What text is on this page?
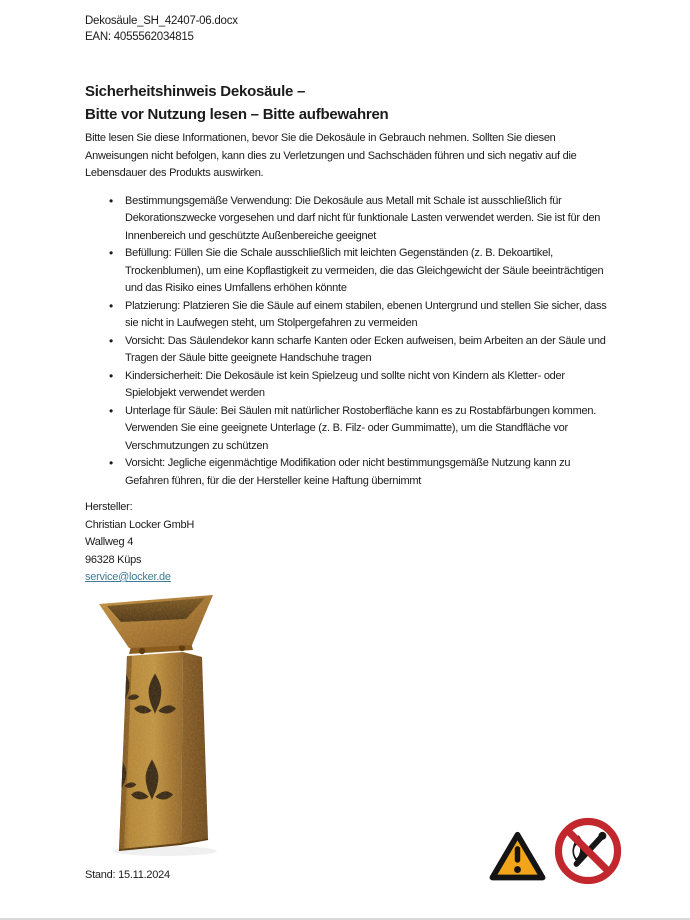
Dekosäule_SH_42407-06.docx
EAN: 4055562034815
Sicherheitshinweis Dekosäule –
Bitte vor Nutzung lesen – Bitte aufbewahren
Bitte lesen Sie diese Informationen, bevor Sie die Dekosäule in Gebrauch nehmen. Sollten Sie diesen Anweisungen nicht befolgen, kann dies zu Verletzungen und Sachschäden führen und sich negativ auf die Lebensdauer des Produkts auswirken.
• Bestimmungsgemäße Verwendung: Die Dekosäule aus Metall mit Schale ist ausschließlich für Dekorationszwecke vorgesehen und darf nicht für funktionale Lasten verwendet werden. Sie ist für den Innenbereich und geschützte Außenbereiche geeignet
• Befüllung: Füllen Sie die Schale ausschließlich mit leichten Gegenständen (z. B. Dekoartikel, Trockenblumen), um eine Kopflastigkeit zu vermeiden, die das Gleichgewicht der Säule beeinträchtigen und das Risiko eines Umfallens erhöhen könnte
• Platzierung: Platzieren Sie die Säule auf einem stabilen, ebenen Untergrund und stellen Sie sicher, dass sie nicht in Laufwegen steht, um Stolpergefahren zu vermeiden
• Vorsicht: Das Säulendekor kann scharfe Kanten oder Ecken aufweisen, beim Arbeiten an der Säule und Tragen der Säule bitte geeignete Handschuhe tragen
• Kindersicherheit: Die Dekosäule ist kein Spielzeug und sollte nicht von Kindern als Kletter- oder Spielobjekt verwendet werden
• Unterlage für Säule: Bei Säulen mit natürlicher Rostoberfläche kann es zu Rostabfärbungen kommen. Verwenden Sie eine geeignete Unterlage (z. B. Filz- oder Gummimatte), um die Standfläche vor Verschmutzungen zu schützen
• Vorsicht: Jegliche eigenmächtige Modifikation oder nicht bestimmungsgemäße Nutzung kann zu Gefahren führen, für die der Hersteller keine Haftung übernimmt
Hersteller:
Christian Locker GmbH
Wallweg 4
96328 Küps
service@locker.de
Stand: 15.11.2024
